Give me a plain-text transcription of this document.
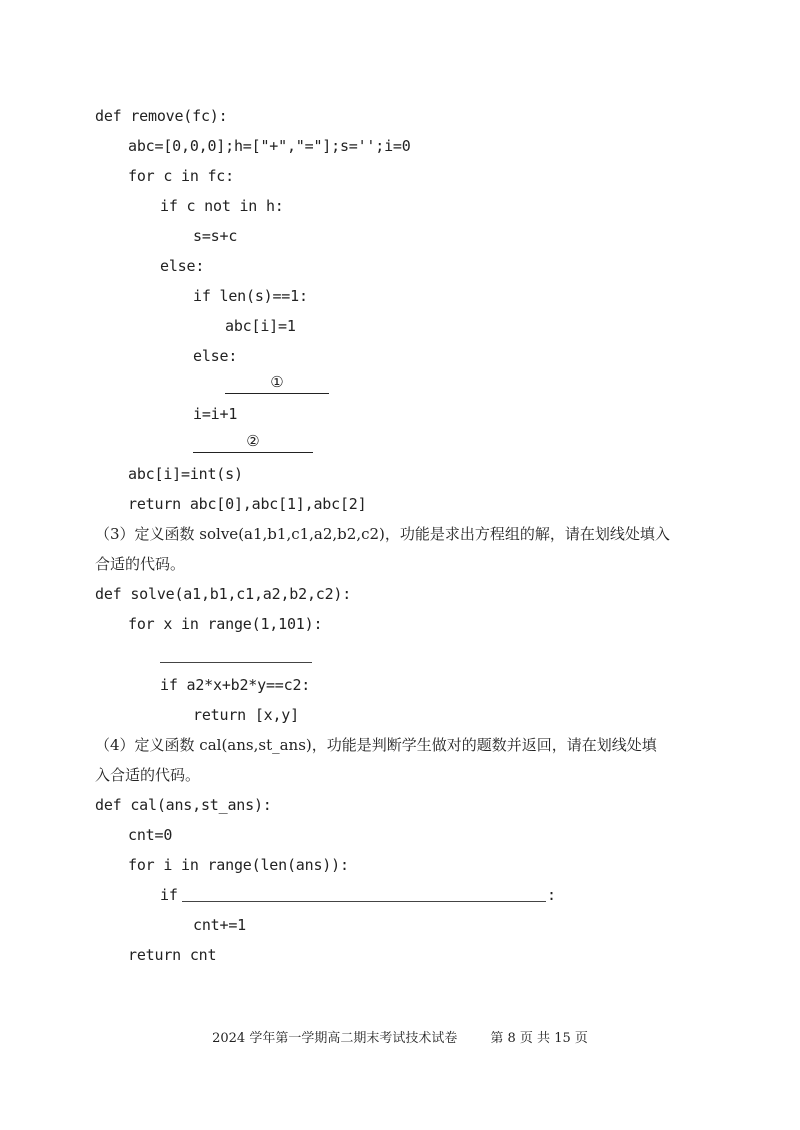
def remove(fc):
abc=[0,0,0];h=["+","="];s='';i=0
for c in fc:
if c not in h:
s=s+c
else:
if len(s)==1:
abc[i]=1
else:
①
i=i+1
②
abc[i]=int(s)
return abc[0],abc[1],abc[2]
（3）定义函数 solve(a1,b1,c1,a2,b2,c2)，功能是求出方程组的解，请在划线处填入
合适的代码。
def solve(a1,b1,c1,a2,b2,c2):
for x in range(1,101):
if a2*x+b2*y==c2:
return [x,y]
（4）定义函数 cal(ans,st_ans)，功能是判断学生做对的题数并返回，请在划线处填
入合适的代码。
def cal(ans,st_ans):
cnt=0
for i in range(len(ans)):
if	:
cnt+=1
return cnt
2024 学年第一学期高二期末考试技术试卷	第 8 页 共 15 页
